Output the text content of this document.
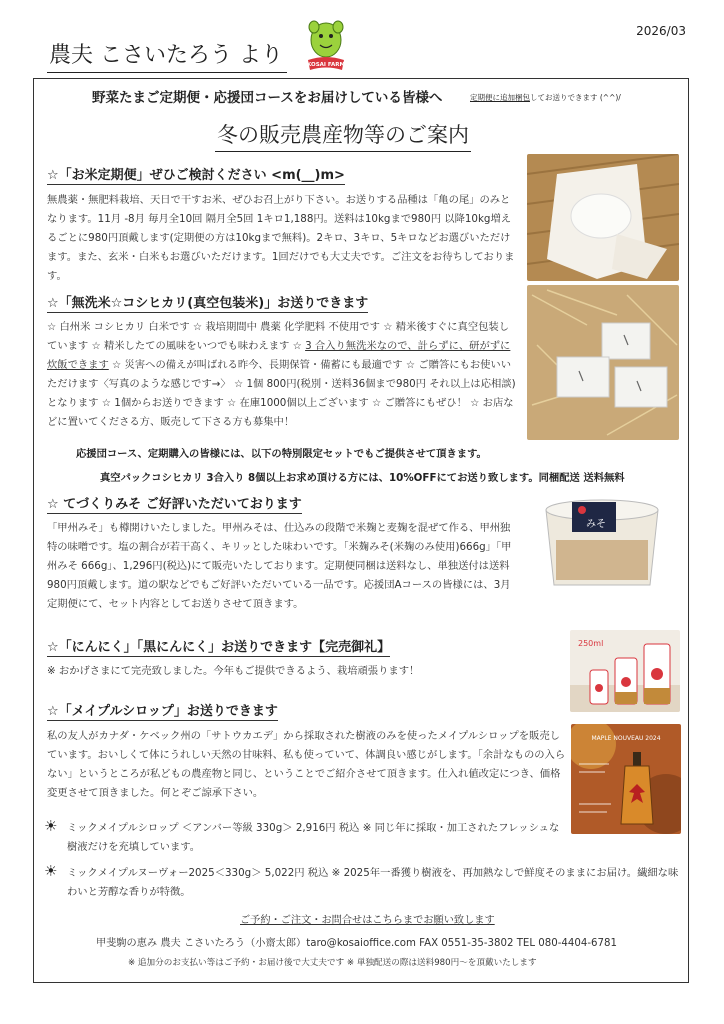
2026/03
農夫 こさいたろう より	KOSAI FARM
野菜たまご定期便・応援団コースをお届けしている皆様へ	定期便に追加梱包してお送りできます (^^)/
冬の販売農産物等のご案内
☆「お米定期便」ぜひご検討ください <m(__)m>
無農薬・無肥料栽培、天日で干すお米、ぜひお召上がり下さい。お送りする品種は「亀の尾」のみとなります。11月 -8月 毎月全10回 隔月全5回 1キロ1,188円。送料は10kgまで980円 以降10kg増えるごとに980円頂戴します(定期便の方は10kgまで無料)。2キロ、3キロ、5キロなどお選びいただけます。また、玄米・白米もお選びいただけます。1回だけでも大丈夫です。ご注文をお待ちしております。
☆「無洗米☆コシヒカリ(真空包装米)」お送りできます
☆ 白州米 コシヒカリ 白米です ☆ 栽培期間中 農薬 化学肥料 不使用です ☆ 精米後すぐに真空包装しています ☆ 精米したての風味をいつでも味わえます ☆ 3 合入り無洗米なので、計らずに、研がずに炊飯できます ☆ 災害への備えが叫ばれる昨今、長期保管・備蓄にも最適です ☆ ご贈答にもお使いいただけます〈写真のような感じです→〉 ☆ 1個 800円(税別・送料36個まで980円 それ以上は応相談)となります ☆ 1個からお送りできます ☆ 在庫1000個以上ございます ☆ ご贈答にもぜひ！ ☆ お店などに置いてくださる方、販売して下さる方も募集中！
応援団コース、定期購入の皆様には、以下の特別限定セットでもご提供させて頂きます。
真空パックコシヒカリ 3合入り 8個以上お求め頂ける方には、10%OFFにてお送り致します。同梱配送 送料無料
☆ てづくりみそ ご好評いただいております
「甲州みそ」も樽開けいたしました。甲州みそは、仕込みの段階で米麹と麦麹を混ぜて作る、甲州独特の味噌です。塩の割合が若干高く、キリッとした味わいです。「米麹みそ(米麹のみ使用)666g」「甲州みそ 666g」、1,296円(税込)にて販売いたしております。定期便同梱は送料なし、単独送付は送料980円頂戴します。道の駅などでもご好評いただいている一品です。応援団Aコースの皆様には、3月定期便にて、セット内容としてお送りさせて頂きます。
みそ
☆「にんにく」「黒にんにく」お送りできます【完売御礼】
※ おかげさまにて完売致しました。今年もご提供できるよう、栽培頑張ります！
250ml
☆「メイプルシロップ」お送りできます
私の友人がカナダ・ケベック州の「サトウカエデ」から採取された樹液のみを使ったメイプルシロップを販売しています。おいしくて体にうれしい天然の甘味料、私も使っていて、体調良い感じがします。「余計なものの入らない」というところが私どもの農産物と同じ、ということでご紹介させて頂きます。仕入れ値改定につき、価格変更させて頂きました。何とぞご諒承下さい。
MAPLE NOUVEAU 2024
☀ ミックメイプルシロップ ＜アンバー等級 330g＞ 2,916円 税込 ※ 同じ年に採取・加工されたフレッシュな樹液だけを充填しています。
☀ ミックメイプルヌーヴォー2025＜330g＞ 5,022円 税込 ※ 2025年一番獲り樹液を、再加熱なしで鮮度そのままにお届け。繊細な味わいと芳醇な香りが特徴。
ご予約・ご注文・お問合せはこちらまでお願い致します
甲斐駒の恵み 農夫 こさいたろう（小齋太郎）taro@kosaioffice.com FAX 0551-35-3802 TEL 080-4404-6781
※ 追加分のお支払い等はご予約・お届け後で大丈夫です ※ 単独配送の際は送料980円〜を頂戴いたします
